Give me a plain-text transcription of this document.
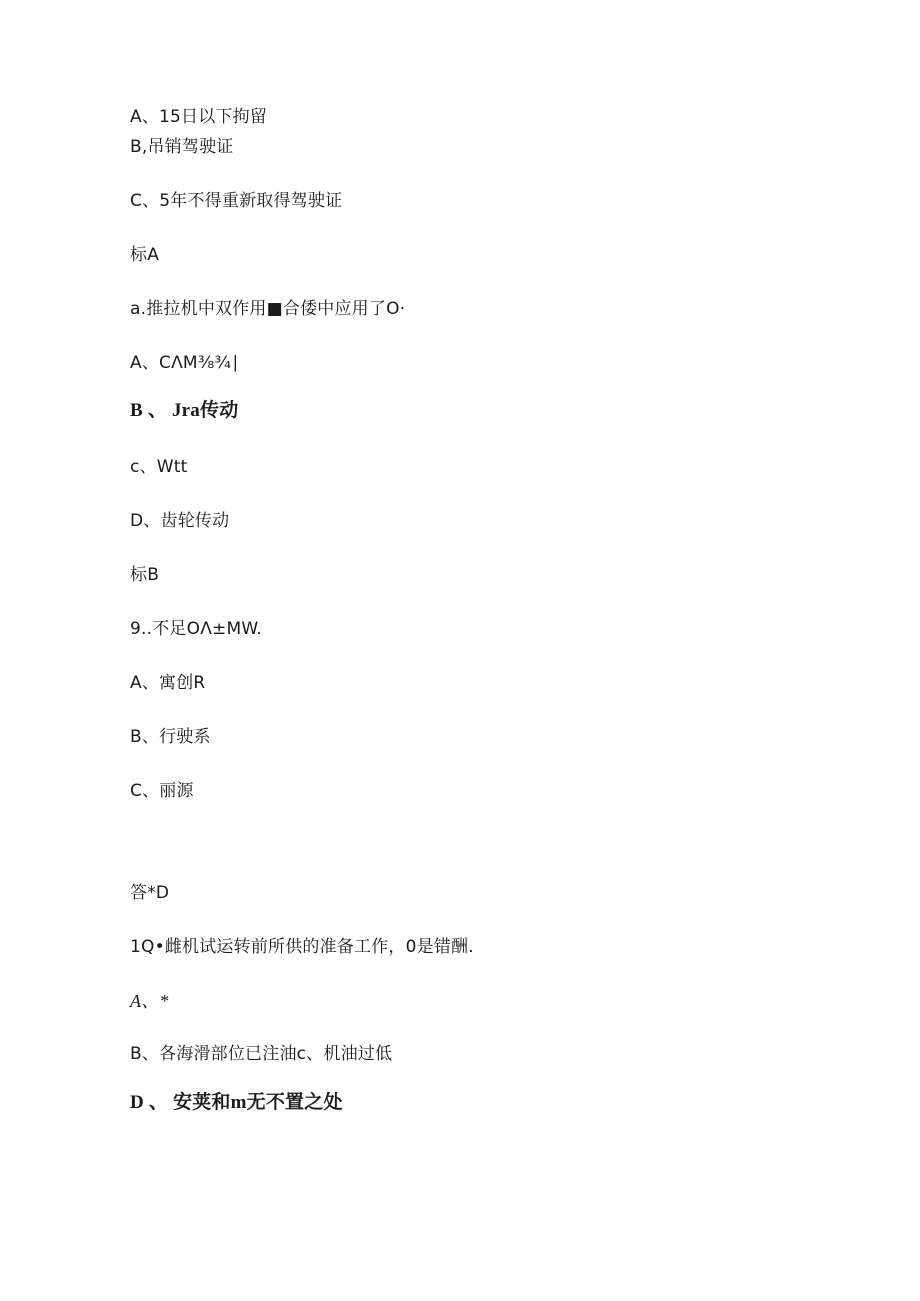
A、15日以下拘留
B,吊销驾驶证
C、5年不得重新取得驾驶证
标A
a.推拉机中双作用■合倭中应用了O·
A、CΛM⅜¾∣
B 、 Jra传动
c、Wtt
D、齿轮传动
标B
9..不足OΛ±MW.
A、寓创R
B、行驶系
C、丽源
答*D
1Q•雌机试运转前所供的准备工作，0是错酬.
A、*
B、各海滑部位已注油c、机油过低
D 、 安荚和m无不置之处
